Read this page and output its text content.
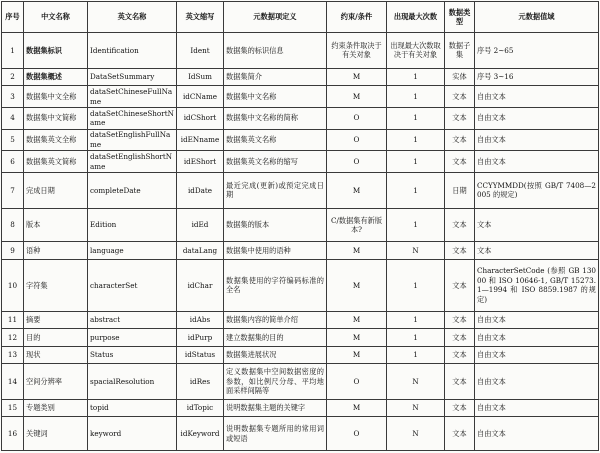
序号	中文名称	英文名称	英文缩写	元数据项定义	约束/条件	出现最大次数	数据类型	元数据值域
1	数据集标识	Identification	Ident	数据集的标识信息	约束条件取决于有关对象	出现最大次数取决于有关对象	数据子集	序号 2~65
2	数据集概述	DataSetSummary	IdSum	数据集简介	M	1	实体	序号 3~16
3	数据集中文全称	dataSetChineseFullName	idCName	数据集中文名称	M	1	文本	自由文本
4	数据集中文简称	dataSetChineseShortName	idCShort	数据集中文名称的简称	O	1	文本	自由文本
5	数据集英文全称	dataSetEnglishFullName	idENname	数据集英文名称	O	1	文本	自由文本
6	数据集英文简称	dataSetEnglishShortName	idEShort	数据集英文名称的缩写	O	1	文本	自由文本
7	完成日期	completeDate	idDate	最近完成(更新)或预定完成日期	M	1	日期	CCYYMMDD(按照 GB/T 7408—2005 的规定)
8	版本	Edition	idEd	数据集的版本	C/数据集有新版本?	1	文本	文本
9	语种	language	dataLang	数据集中使用的语种	M	N	文本	文本
10	字符集	characterSet	idChar	数据集使用的字符编码标准的全名	M	1	文本	CharacterSetCode (参照 GB 13000 和 ISO 10646-1, GB/T 15273.1—1994 和 ISO 8859.1987 的规定)
11	摘要	abstract	idAbs	数据集内容的简单介绍	M	1	文本	自由文本
12	目的	purpose	idPurp	建立数据集的目的	M	1	文本	自由文本
13	现状	Status	idStatus	数据集进展状况	M	1	文本	自由文本
14	空间分辨率	spacialResolution	idRes	定义数据集中空间数据密度的参数，如比例尺分母、平均地面采样间隔等	O	N	文本	自由文本
15	专题类别	topid	idTopic	说明数据集主题的关键字	M	N	文本	自由文本
16	关键词	keyword	idKeyword	说明数据集专题所用的常用词或短语	O	N	文本	自由文本
